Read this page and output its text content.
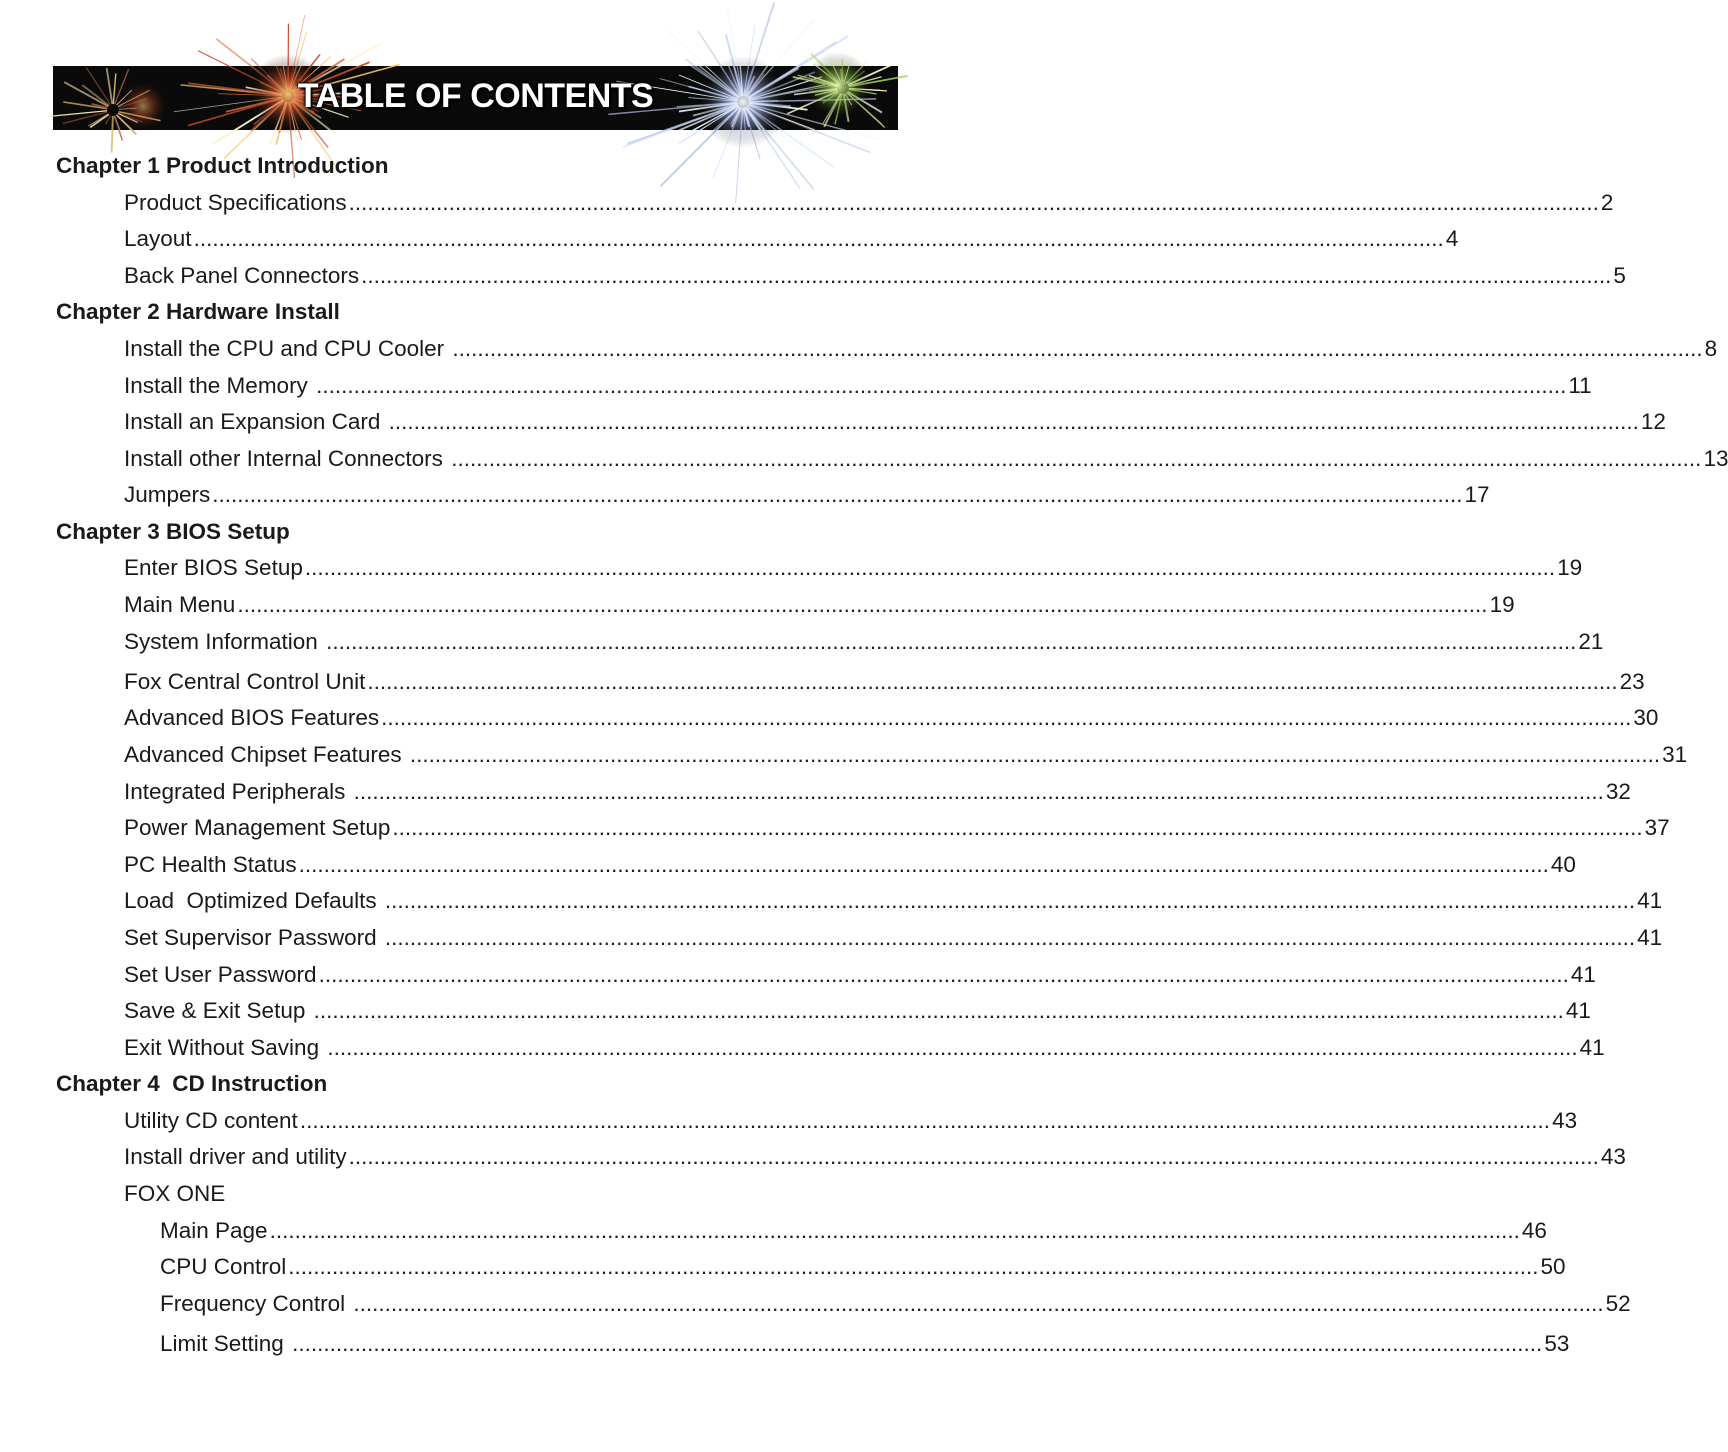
TABLE OF CONTENTS
Chapter 1 Product Introduction
Product Specifications ........................................................................................................................................................................................................ 2
Layout ........................................................................................................................................................................................................ 4
Back Panel Connectors ........................................................................................................................................................................................................ 5
Chapter 2 Hardware Install
Install the CPU and CPU Cooler ........................................................................................................................................................................................................ 8
Install the Memory ........................................................................................................................................................................................................ 11
Install an Expansion Card ........................................................................................................................................................................................................ 12
Install other Internal Connectors ........................................................................................................................................................................................................ 13
Jumpers ........................................................................................................................................................................................................ 17
Chapter 3 BIOS Setup
Enter BIOS Setup ........................................................................................................................................................................................................ 19
Main Menu ........................................................................................................................................................................................................ 19
System Information ........................................................................................................................................................................................................ 21
Fox Central Control Unit ........................................................................................................................................................................................................ 23
Advanced BIOS Features ........................................................................................................................................................................................................ 30
Advanced Chipset Features ........................................................................................................................................................................................................ 31
Integrated Peripherals ........................................................................................................................................................................................................ 32
Power Management Setup ........................................................................................................................................................................................................ 37
PC Health Status ........................................................................................................................................................................................................ 40
Load  Optimized Defaults ........................................................................................................................................................................................................ 41
Set Supervisor Password ........................................................................................................................................................................................................ 41
Set User Password ........................................................................................................................................................................................................ 41
Save & Exit Setup ........................................................................................................................................................................................................ 41
Exit Without Saving ........................................................................................................................................................................................................ 41
Chapter 4  CD Instruction
Utility CD content ........................................................................................................................................................................................................ 43
Install driver and utility ........................................................................................................................................................................................................ 43
FOX ONE
Main Page ........................................................................................................................................................................................................ 46
CPU Control ........................................................................................................................................................................................................ 50
Frequency Control ........................................................................................................................................................................................................ 52
Limit Setting ........................................................................................................................................................................................................ 53
